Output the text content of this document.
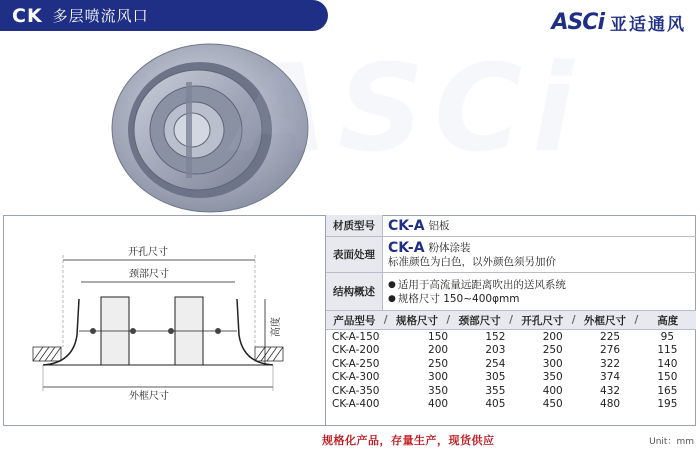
CK 多层喷流风口	ASCi 亚适通风
ASCi
开孔尺寸
颈部尺寸
外框尺寸
高度
材质型号 CK-A 铝板
表面处理 CK-A 粉体涂装
标准颜色为白色，以外颜色须另加价
结构概述
● 适用于高流量远距离吹出的送风系统
● 规格尺寸 150~400φmm
产品型号 / 规格尺寸 / 颈部尺寸 / 开孔尺寸 / 外框尺寸 /	高度
CK-A-150	150	152	200	225	95
CK-A-200	200	203	250	276	115
CK-A-250	250	254	300	322	140
CK-A-300	300	305	350	374	150
CK-A-350	350	355	400	432	165
CK-A-400	400	405	450	480	195
规格化产品，存量生产，现货供应	Unit：mm
